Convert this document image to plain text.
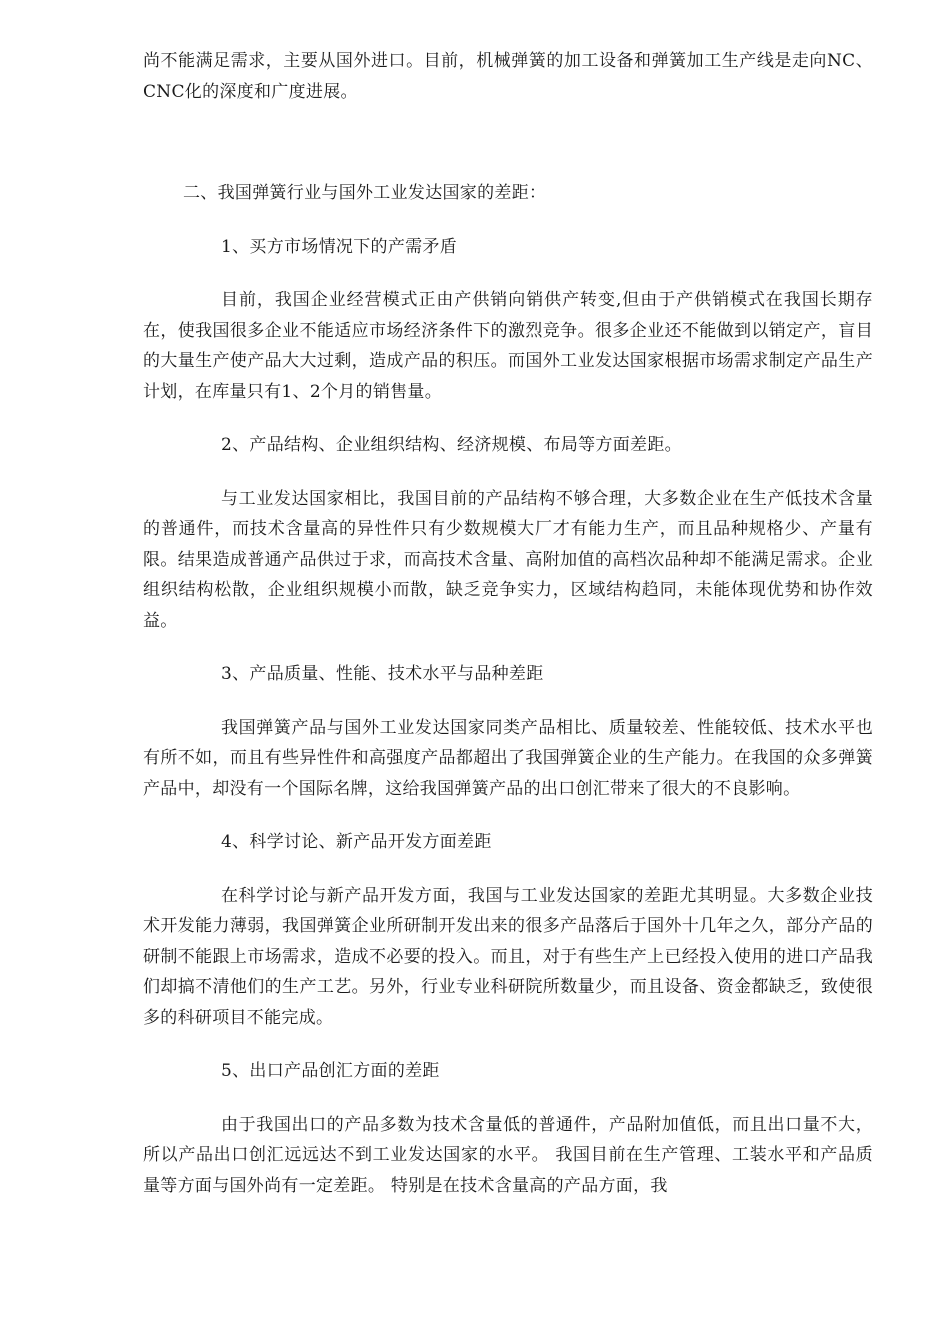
尚不能满足需求，主要从国外进口。目前，机械弹簧的加工设备和弹簧加工生产线是走向NC、CNC化的深度和广度进展。

二、我国弹簧行业与国外工业发达国家的差距：

1、买方市场情况下的产需矛盾

目前，我国企业经营模式正由产供销向销供产转变,但由于产供销模式在我国长期存在，使我国很多企业不能适应市场经济条件下的激烈竞争。很多企业还不能做到以销定产，盲目的大量生产使产品大大过剩，造成产品的积压。而国外工业发达国家根据市场需求制定产品生产计划，在库量只有1、2个月的销售量。

2、产品结构、企业组织结构、经济规模、布局等方面差距。

与工业发达国家相比，我国目前的产品结构不够合理，大多数企业在生产低技术含量的普通件，而技术含量高的异性件只有少数规模大厂才有能力生产，而且品种规格少、产量有限。结果造成普通产品供过于求，而高技术含量、高附加值的高档次品种却不能满足需求。企业组织结构松散，企业组织规模小而散，缺乏竞争实力，区域结构趋同，未能体现优势和协作效益。

3、产品质量、性能、技术水平与品种差距

我国弹簧产品与国外工业发达国家同类产品相比、质量较差、性能较低、技术水平也有所不如，而且有些异性件和高强度产品都超出了我国弹簧企业的生产能力。在我国的众多弹簧产品中，却没有一个国际名牌，这给我国弹簧产品的出口创汇带来了很大的不良影响。

4、科学讨论、新产品开发方面差距

在科学讨论与新产品开发方面，我国与工业发达国家的差距尤其明显。大多数企业技术开发能力薄弱，我国弹簧企业所研制开发出来的很多产品落后于国外十几年之久，部分产品的研制不能跟上市场需求，造成不必要的投入。而且，对于有些生产上已经投入使用的进口产品我们却搞不清他们的生产工艺。另外，行业专业科研院所数量少，而且设备、资金都缺乏，致使很多的科研项目不能完成。

5、出口产品创汇方面的差距

由于我国出口的产品多数为技术含量低的普通件，产品附加值低，而且出口量不大，所以产品出口创汇远远达不到工业发达国家的水平。 我国目前在生产管理、工装水平和产品质量等方面与国外尚有一定差距。 特别是在技术含量高的产品方面，我
